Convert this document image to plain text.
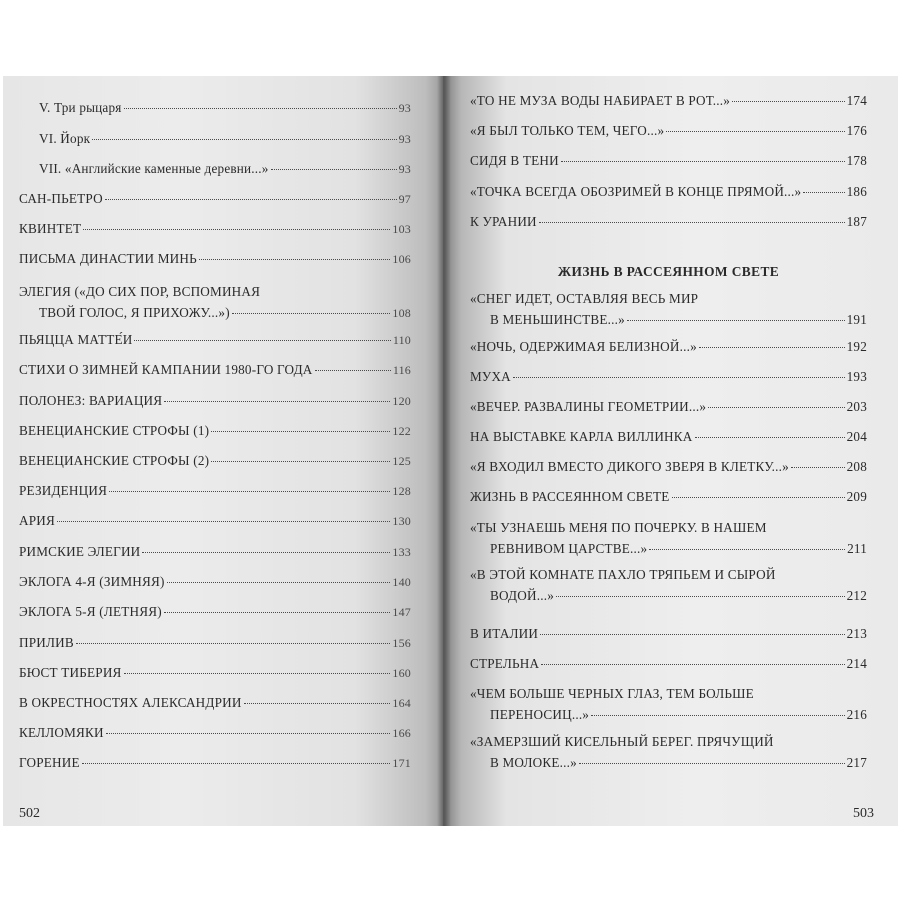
V. Три рыцаря	93
VI. Йорк	93
VII. «Английские каменные деревни...»	93
САН-ПЬЕТРО	97
КВИНТЕТ	103
ПИСЬМА ДИНАСТИИ МИНЬ	106
ЭЛЕГИЯ («ДО СИХ ПОР, ВСПОМИНАЯ
ТВОЙ ГОЛОС, Я ПРИХОЖУ...»)	108
ПЬЯЦЦА МАТТЕ́И	110
СТИХИ О ЗИМНЕЙ КАМПАНИИ 1980-ГО ГОДА	116
ПОЛОНЕЗ: ВАРИАЦИЯ	120
ВЕНЕЦИАНСКИЕ СТРОФЫ (1)	122
ВЕНЕЦИАНСКИЕ СТРОФЫ (2)	125
РЕЗИДЕНЦИЯ	128
АРИЯ	130
РИМСКИЕ ЭЛЕГИИ	133
ЭКЛОГА 4-Я (ЗИМНЯЯ)	140
ЭКЛОГА 5-Я (ЛЕТНЯЯ)	147
ПРИЛИВ	156
БЮСТ ТИБЕРИЯ	160
В ОКРЕСТНОСТЯХ АЛЕКСАНДРИИ	164
КЕЛЛОМЯКИ	166
ГОРЕНИЕ	171
502
«ТО НЕ МУЗА ВОДЫ НАБИРАЕТ В РОТ...»	174
«Я БЫЛ ТОЛЬКО ТЕМ, ЧЕГО...»	176
СИДЯ В ТЕНИ	178
«ТОЧКА ВСЕГДА ОБОЗРИМЕЙ В КОНЦЕ ПРЯМОЙ...»	186
К УРАНИИ	187
ЖИЗНЬ В РАССЕЯННОМ СВЕТЕ
«СНЕГ ИДЕТ, ОСТАВЛЯЯ ВЕСЬ МИР
В МЕНЬШИНСТВЕ...»	191
«НОЧЬ, ОДЕРЖИМАЯ БЕЛИЗНОЙ...»	192
МУХА	193
«ВЕЧЕР. РАЗВАЛИНЫ ГЕОМЕТРИИ...»	203
НА ВЫСТАВКЕ КАРЛА ВИЛЛИНКА	204
«Я ВХОДИЛ ВМЕСТО ДИКОГО ЗВЕРЯ В КЛЕТКУ...»	208
ЖИЗНЬ В РАССЕЯННОМ СВЕТЕ	209
«ТЫ УЗНАЕШЬ МЕНЯ ПО ПОЧЕРКУ. В НАШЕМ
РЕВНИВОМ ЦАРСТВЕ...»	211
«В ЭТОЙ КОМНАТЕ ПАХЛО ТРЯПЬЕМ И СЫРОЙ
ВОДОЙ...»	212
В ИТАЛИИ	213
СТРЕЛЬНА	214
«ЧЕМ БОЛЬШЕ ЧЕРНЫХ ГЛАЗ, ТЕМ БОЛЬШЕ
ПЕРЕНОСИЦ...»	216
«ЗАМЕРЗШИЙ КИСЕЛЬНЫЙ БЕРЕГ. ПРЯЧУЩИЙ
В МОЛОКЕ...»	217
503
